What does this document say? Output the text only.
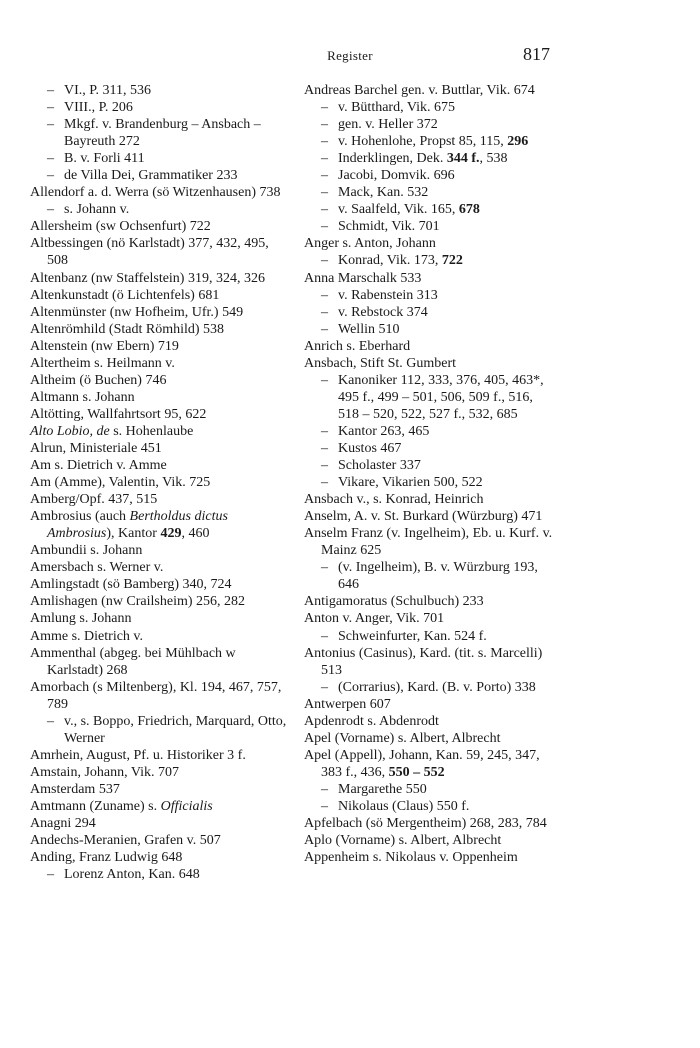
Register	817
– VI., P. 311, 536
– VIII., P. 206
– Mkgf. v. Brandenburg – Ansbach – Bayreuth 272
– B. v. Forli 411
– de Villa Dei, Grammatiker 233
Allendorf a. d. Werra (sö Witzenhausen) 738
– s. Johann v.
Allersheim (sw Ochsenfurt) 722
Altbessingen (nö Karlstadt) 377, 432, 495, 508
Altenbanz (nw Staffelstein) 319, 324, 326
Altenkunstadt (ö Lichtenfels) 681
Altenmünster (nw Hofheim, Ufr.) 549
Altenrömhild (Stadt Römhild) 538
Altenstein (nw Ebern) 719
Altertheim s. Heilmann v.
Altheim (ö Buchen) 746
Altmann s. Johann
Altötting, Wallfahrtsort 95, 622
Alto Lobio, de s. Hohenlaube
Alrun, Ministeriale 451
Am s. Dietrich v. Amme
Am (Amme), Valentin, Vik. 725
Amberg/Opf. 437, 515
Ambrosius (auch Bertholdus dictus Ambrosius), Kantor 429, 460
Ambundii s. Johann
Amersbach s. Werner v.
Amlingstadt (sö Bamberg) 340, 724
Amlishagen (nw Crailsheim) 256, 282
Amlung s. Johann
Amme s. Dietrich v.
Ammenthal (abgeg. bei Mühlbach w Karlstadt) 268
Amorbach (s Miltenberg), Kl. 194, 467, 757, 789
– v., s. Boppo, Friedrich, Marquard, Otto, Werner
Amrhein, August, Pf. u. Historiker 3 f.
Amstain, Johann, Vik. 707
Amsterdam 537
Amtmann (Zuname) s. Officialis
Anagni 294
Andechs-Meranien, Grafen v. 507
Anding, Franz Ludwig 648
– Lorenz Anton, Kan. 648
Andreas Barchel gen. v. Buttlar, Vik. 674
– v. Bütthard, Vik. 675
– gen. v. Heller 372
– v. Hohenlohe, Propst 85, 115, 296
– Inderklingen, Dek. 344 f., 538
– Jacobi, Domvik. 696
– Mack, Kan. 532
– v. Saalfeld, Vik. 165, 678
– Schmidt, Vik. 701
Anger s. Anton, Johann
– Konrad, Vik. 173, 722
Anna Marschalk 533
– v. Rabenstein 313
– v. Rebstock 374
– Wellin 510
Anrich s. Eberhard
Ansbach, Stift St. Gumbert
– Kanoniker 112, 333, 376, 405, 463*, 495 f., 499 – 501, 506, 509 f., 516, 518 – 520, 522, 527 f., 532, 685
– Kantor 263, 465
– Kustos 467
– Scholaster 337
– Vikare, Vikarien 500, 522
Ansbach v., s. Konrad, Heinrich
Anselm, A. v. St. Burkard (Würzburg) 471
Anselm Franz (v. Ingelheim), Eb. u. Kurf. v. Mainz 625
– (v. Ingelheim), B. v. Würzburg 193, 646
Antigamoratus (Schulbuch) 233
Anton v. Anger, Vik. 701
– Schweinfurter, Kan. 524 f.
Antonius (Casinus), Kard. (tit. s. Marcelli) 513
– (Corrarius), Kard. (B. v. Porto) 338
Antwerpen 607
Apdenrodt s. Abdenrodt
Apel (Vorname) s. Albert, Albrecht
Apel (Appell), Johann, Kan. 59, 245, 347, 383 f., 436, 550 – 552
– Margarethe 550
– Nikolaus (Claus) 550 f.
Apfelbach (sö Mergentheim) 268, 283, 784
Aplo (Vorname) s. Albert, Albrecht
Appenheim s. Nikolaus v. Oppenheim
